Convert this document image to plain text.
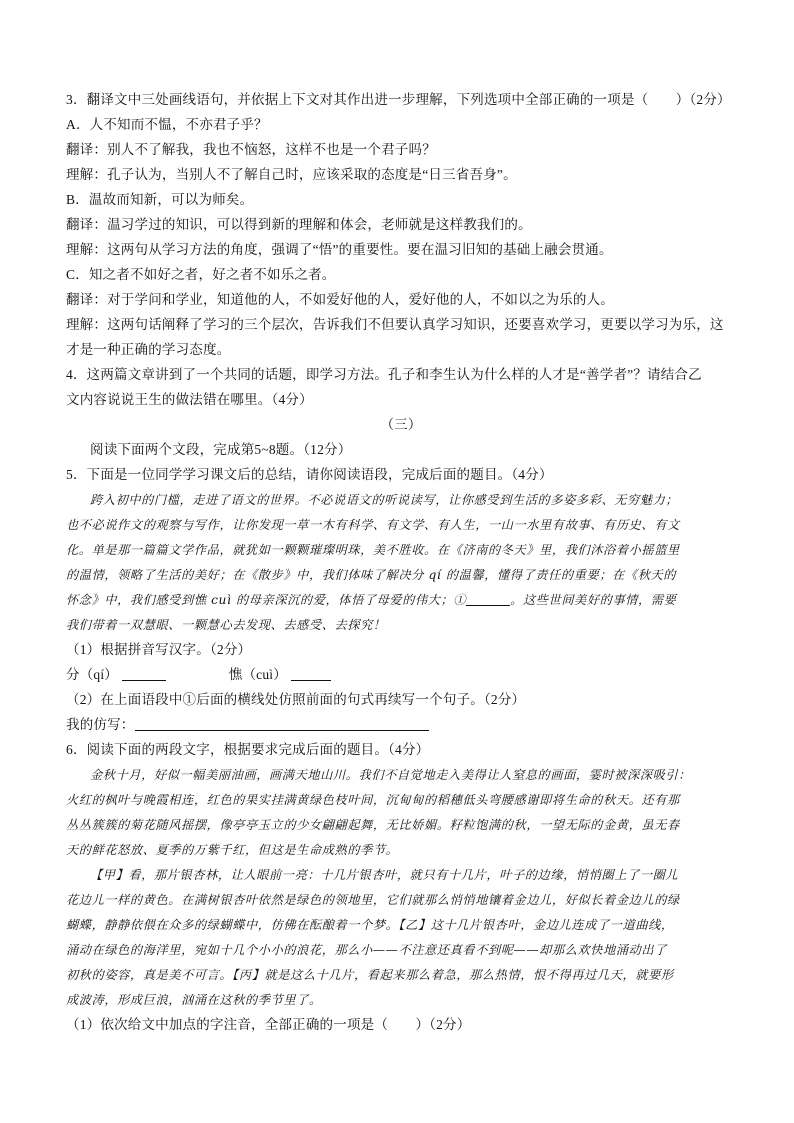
3．翻译文中三处画线语句，并依据上下文对其作出进一步理解，下列选项中全部正确的一项是（　　）（2分）
A．人不知而不愠，不亦君子乎？
翻译：别人不了解我，我也不恼怒，这样不也是一个君子吗？
理解：孔子认为，当别人不了解自己时，应该采取的态度是“日三省吾身”。
B．温故而知新，可以为师矣。
翻译：温习学过的知识，可以得到新的理解和体会，老师就是这样教我们的。
理解：这两句从学习方法的角度，强调了“悟”的重要性。要在温习旧知的基础上融会贯通。
C．知之者不如好之者，好之者不如乐之者。
翻译：对于学问和学业，知道他的人，不如爱好他的人，爱好他的人，不如以之为乐的人。
理解：这两句话阐释了学习的三个层次，告诉我们不但要认真学习知识，还要喜欢学习，更要以学习为乐，这
才是一种正确的学习态度。
4．这两篇文章讲到了一个共同的话题，即学习方法。孔子和李生认为什么样的人才是“善学者”？请结合乙
文内容说说王生的做法错在哪里。（4分）
（三）
阅读下面两个文段，完成第5~8题。（12分）
5．下面是一位同学学习课文后的总结，请你阅读语段，完成后面的题目。（4分）
跨入初中的门槛，走进了语文的世界。不必说语文的听说读写，让你感受到生活的多姿多彩、无穷魅力；
也不必说作文的观察与写作，让你发现一草一木有科学、有文学、有人生，一山一水里有故事、有历史、有文
化。单是那一篇篇文学作品，就犹如一颗颗璀璨明珠，美不胜收。在《济南的冬天》里，我们沐浴着小摇篮里
的温情，领略了生活的美好；在《散步》中，我们体味了解决分 qí 的温馨，懂得了责任的重要；在《秋天的
怀念》中，我们感受到憔 cuì 的母亲深沉的爱，体悟了母爱的伟大；①	。这些世间美好的事情，需要
我们带着一双慧眼、一颗慧心去发现、去感受、去探究！
（1）根据拼音写汉字。（2分）
分（qí）	憔（cuì）
（2）在上面语段中①后面的横线处仿照前面的句式再续写一个句子。（2分）
我的仿写：
6．阅读下面的两段文字，根据要求完成后面的题目。（4分）
金秋十月，好似一幅美丽油画，画满天地山川。我们不自觉地走入美得让人窒息的画面，霎时被深深吸引：
火红的枫叶与晚霞相连，红色的果实挂满黄绿色枝叶间，沉甸甸的稻穗低头弯腰感谢即将生命的秋天。还有那
丛丛簇簇的菊花随风摇摆，像亭亭玉立的少女翩翩起舞，无比娇媚。籽粒饱满的秋，一望无际的金黄，虽无春
天的鲜花怒放、夏季的万紫千红，但这是生命成熟的季节。
【甲】看，那片银杏林，让人眼前一亮：十几片银杏叶，就只有十几片，叶子的边缘，悄悄圈上了一圈儿
花边儿一样的黄色。在满树银杏叶依然是绿色的领地里，它们就那么悄悄地镶着金边儿，好似长着金边儿的绿
蝴蝶，静静依偎在众多的绿蝴蝶中，仿佛在酝酿着一个梦。【乙】这十几片银杏叶，金边儿连成了一道曲线，
涌动在绿色的海洋里，宛如十几个小小的浪花，那么小——不注意还真看不到呢——却那么欢快地涌动出了
初秋的姿容，真是美不可言。【丙】就是这么十几片，看起来那么着急，那么热情，恨不得再过几天，就要形
成波涛，形成巨浪，汹涌在这秋的季节里了。
（1）依次给文中加点的字注音，全部正确的一项是（　　）（2分）
